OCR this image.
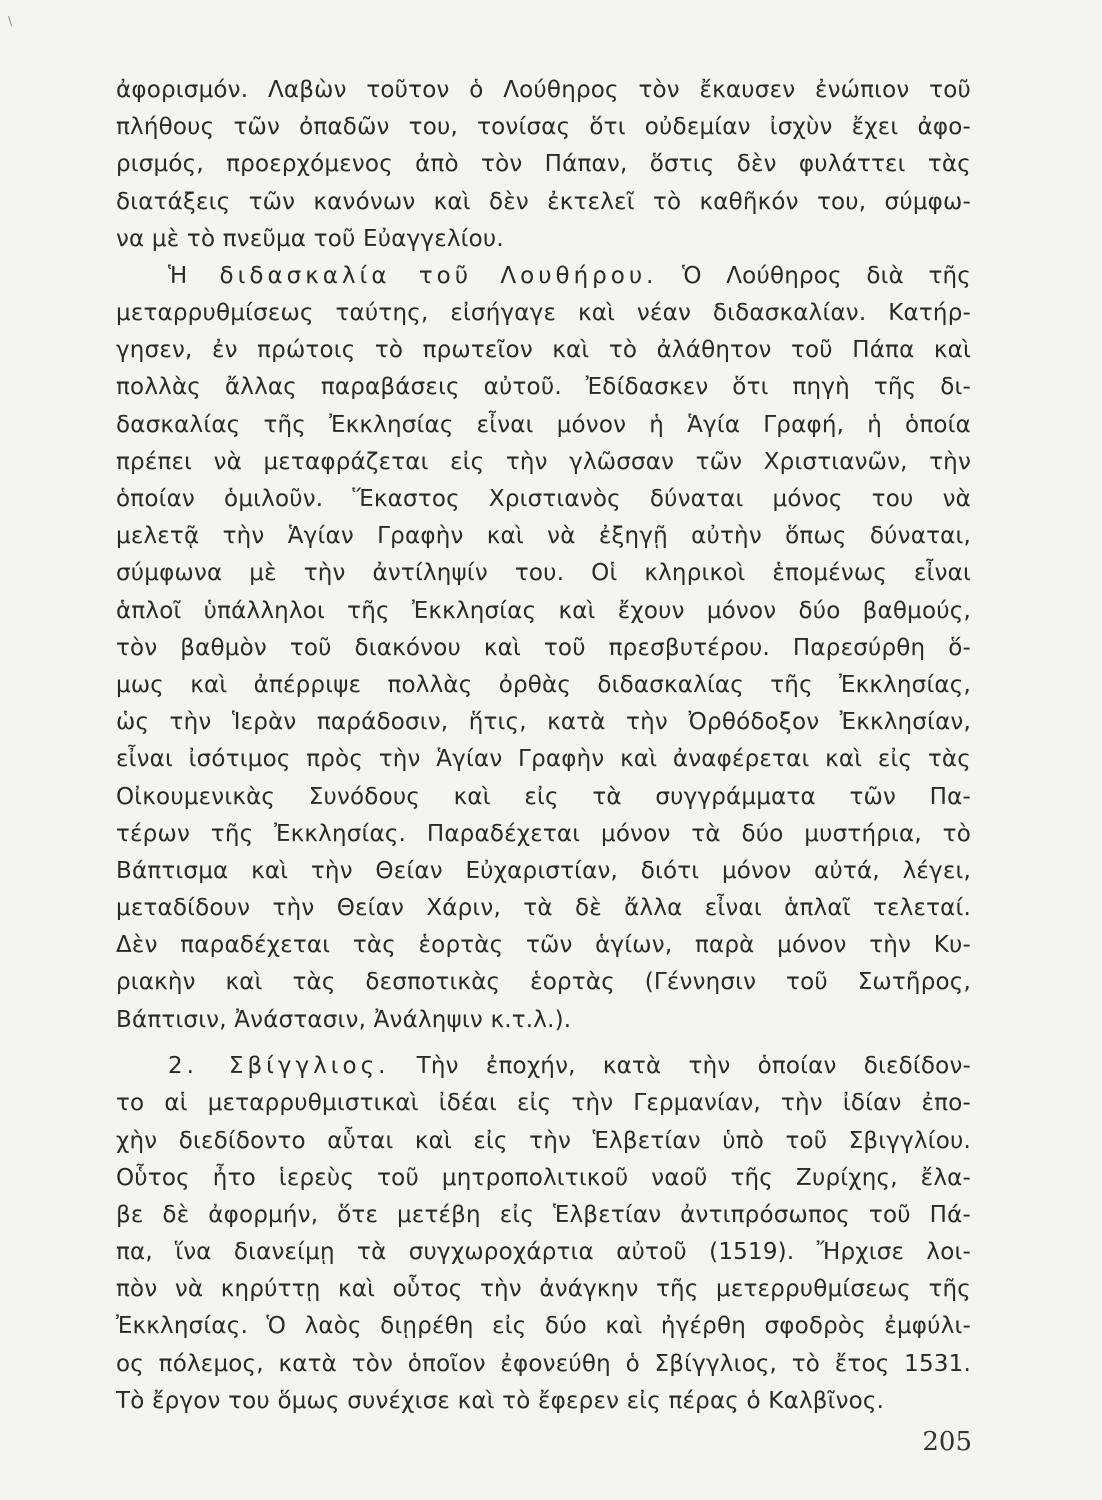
\
ἀφορισμόν. Λαβὼν τοῦτον ὁ Λούθηρος τὸν ἔκαυσεν ἐνώπιον τοῦ
πλήθους τῶν ὀπαδῶν του, τονίσας ὅτι οὐδεμίαν ἰσχὺν ἔχει ἀφο-
ρισμός, προερχόμενος ἀπὸ τὸν Πάπαν, ὅστις δὲν φυλάττει τὰς
διατάξεις τῶν κανόνων καὶ δὲν ἐκτελεῖ τὸ καθῆκόν του, σύμφω-
να μὲ τὸ πνεῦμα τοῦ Εὐαγγελίου.
Ἡ διδασκαλία τοῦ Λουθήρου. Ὁ Λούθηρος διὰ τῆς
μεταρρυθμίσεως ταύτης, εἰσήγαγε καὶ νέαν διδασκαλίαν. Κατήρ-
γησεν, ἐν πρώτοις τὸ πρωτεῖον καὶ τὸ ἀλάθητον τοῦ Πάπα καὶ
πολλὰς ἄλλας παραβάσεις αὐτοῦ. Ἐδίδασκεν ὅτι πηγὴ τῆς δι-
δασκαλίας τῆς Ἐκκλησίας εἶναι μόνον ἡ Ἁγία Γραφή, ἡ ὁποία
πρέπει νὰ μεταφράζεται εἰς τὴν γλῶσσαν τῶν Χριστιανῶν, τὴν
ὁποίαν ὁμιλοῦν. Ἕκαστος Χριστιανὸς δύναται μόνος του νὰ
μελετᾷ τὴν Ἁγίαν Γραφὴν καὶ νὰ ἐξηγῇ αὐτὴν ὅπως δύναται,
σύμφωνα μὲ τὴν ἀντίληψίν του. Οἱ κληρικοὶ ἑπομένως εἶναι
ἁπλοῖ ὑπάλληλοι τῆς Ἐκκλησίας καὶ ἔχουν μόνον δύο βαθμούς,
τὸν βαθμὸν τοῦ διακόνου καὶ τοῦ πρεσβυτέρου. Παρεσύρθη ὅ-
μως καὶ ἀπέρριψε πολλὰς ὀρθὰς διδασκαλίας τῆς Ἐκκλησίας,
ὡς τὴν Ἱερὰν παράδοσιν, ἥτις, κατὰ τὴν Ὀρθόδοξον Ἐκκλησίαν,
εἶναι ἰσότιμος πρὸς τὴν Ἁγίαν Γραφὴν καὶ ἀναφέρεται καὶ εἰς τὰς
Οἰκουμενικὰς Συνόδους καὶ εἰς τὰ συγγράμματα τῶν Πα-
τέρων τῆς Ἐκκλησίας. Παραδέχεται μόνον τὰ δύο μυστήρια, τὸ
Βάπτισμα καὶ τὴν Θείαν Εὐχαριστίαν, διότι μόνον αὐτά, λέγει,
μεταδίδουν τὴν Θείαν Χάριν, τὰ δὲ ἄλλα εἶναι ἁπλαῖ τελεταί.
Δὲν παραδέχεται τὰς ἑορτὰς τῶν ἁγίων, παρὰ μόνον τὴν Κυ-
ριακὴν καὶ τὰς δεσποτικὰς ἑορτὰς (Γέννησιν τοῦ Σωτῆρος,
Βάπτισιν, Ἀνάστασιν, Ἀνάληψιν κ.τ.λ.).
2. Σβίγγλιος. Τὴν ἐποχήν, κατὰ τὴν ὁποίαν διεδίδον-
το αἱ μεταρρυθμιστικαὶ ἰδέαι εἰς τὴν Γερμανίαν, τὴν ἰδίαν ἐπο-
χὴν διεδίδοντο αὗται καὶ εἰς τὴν Ἑλβετίαν ὑπὸ τοῦ Σβιγγλίου.
Οὗτος ἦτο ἱερεὺς τοῦ μητροπολιτικοῦ ναοῦ τῆς Ζυρίχης, ἔλα-
βε δὲ ἀφορμήν, ὅτε μετέβη εἰς Ἑλβετίαν ἀντιπρόσωπος τοῦ Πά-
πα, ἵνα διανείμῃ τὰ συγχωροχάρτια αὐτοῦ (1519). Ἤρχισε λοι-
πὸν νὰ κηρύττῃ καὶ οὗτος τὴν ἀνάγκην τῆς μετερρυθμίσεως τῆς
Ἐκκλησίας. Ὁ λαὸς διῃρέθη εἰς δύο καὶ ἠγέρθη σφοδρὸς ἐμφύλι-
ος πόλεμος, κατὰ τὸν ὁποῖον ἐφονεύθη ὁ Σβίγγλιος, τὸ ἔτος 1531.
Τὸ ἔργον του ὅμως συνέχισε καὶ τὸ ἔφερεν εἰς πέρας ὁ Καλβῖνος.
205
